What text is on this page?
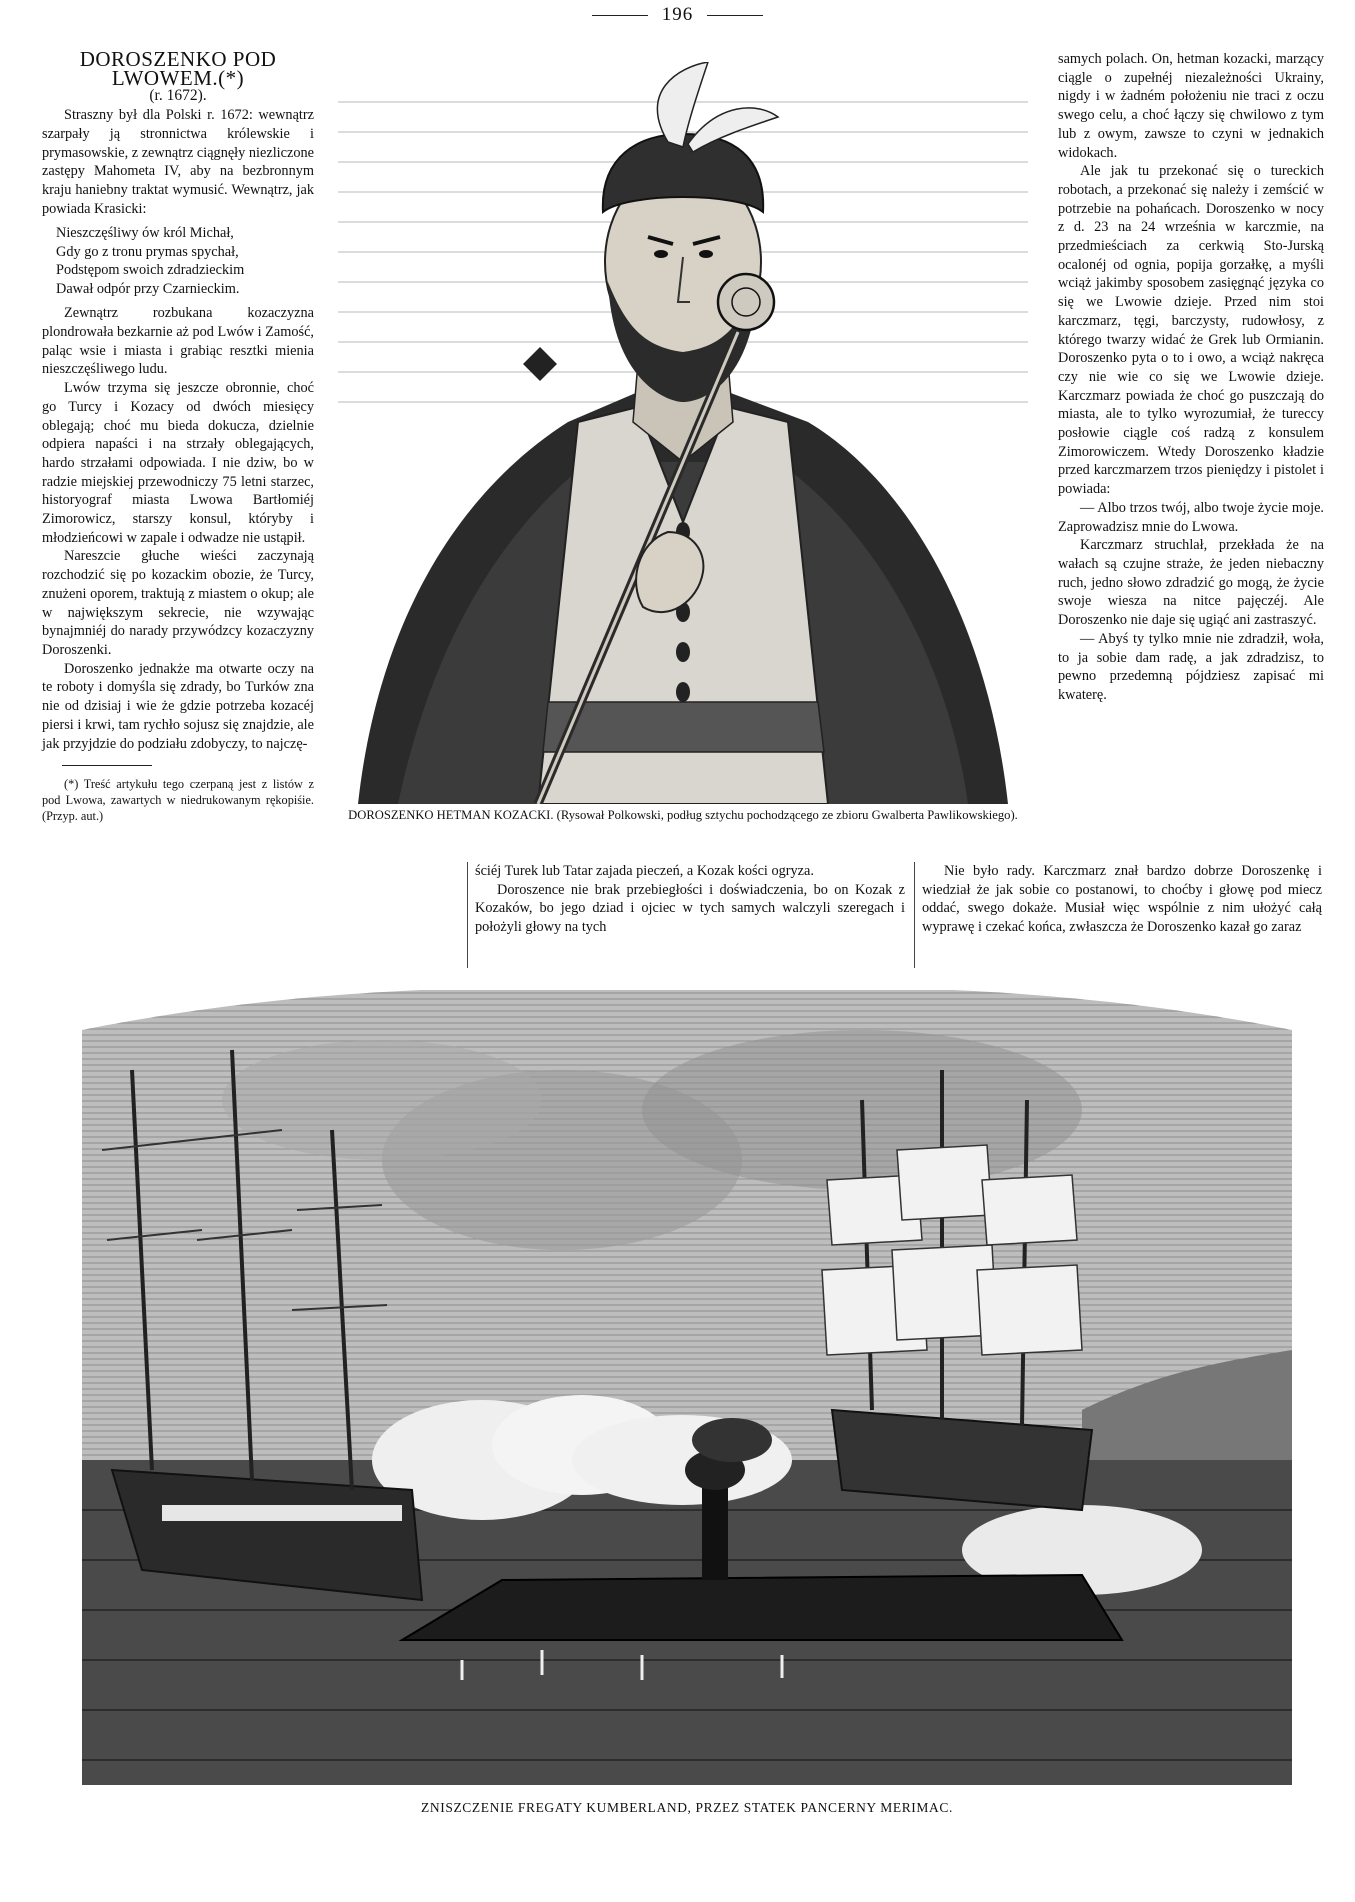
196

DOROSZENKO POD LWOWEM.(*)

(r. 1672).

Straszny był dla Polski r. 1672: wewnątrz szarpały ją stronnictwa królewskie i prymasowskie, z zewnątrz ciągnęły niezliczone zastępy Mahometa IV, aby na bezbronnym kraju haniebny traktat wymusić. Wewnątrz, jak powiada Krasicki:

Nieszczęśliwy ów król Michał,
Gdy go z tronu prymas spychał,
Podstępom swoich zdradzieckim
Dawał odpór przy Czarnieckim.

Zewnątrz rozbukana kozaczyzna plondrowała bezkarnie aż pod Lwów i Zamość, paląc wsie i miasta i grabiąc resztki mienia nieszczęśliwego ludu.

Lwów trzyma się jeszcze obronnie, choć go Turcy i Kozacy od dwóch miesięcy oblegają; choć mu bieda dokucza, dzielnie odpiera napaści i na strzały oblegających, hardo strzałami odpowiada. I nie dziw, bo w radzie miejskiej przewodniczy 75 letni starzec, historyograf miasta Lwowa Bartłomiéj Zimorowicz, starszy konsul, któryby i młodzieńcowi w zapale i odwadze nie ustąpił.

Nareszcie głuche wieści zaczynają rozchodzić się po kozackim obozie, że Turcy, znużeni oporem, traktują z miastem o okup; ale w największym sekrecie, nie wzywając bynajmniéj do narady przywódzcy kozaczyzny Doroszenki.

Doroszenko jednakże ma otwarte oczy na te roboty i domyśla się zdrady, bo Turków zna nie od dzisiaj i wie że gdzie potrzeba kozacéj piersi i krwi, tam rychło sojusz się znajdzie, ale jak przyjdzie do podziału zdobyczy, to najczę-

(*) Treść artykułu tego czerpaną jest z listów z pod Lwowa, zawartych w niedrukowanym rękopiśie. (Przyp. aut.)	DOROSZENKO HETMAN KOZACKI. (Rysował Polkowski, podług sztychu pochodzącego ze zbioru Gwalberta Pawlikowskiego).

ściéj Turek lub Tatar zajada pieczeń, a Kozak kości ogryza.

Doroszence nie brak przebiegłości i doświadczenia, bo on Kozak z Kozaków, bo jego dziad i ojciec w tych samych walczyli szeregach i położyli głowy na tych

samych polach. On, hetman kozacki, marzący ciągle o zupełnéj niezależności Ukrainy, nigdy i w żadném położeniu nie traci z oczu swego celu, a choć łączy się chwilowo z tym lub z owym, zawsze to czyni w jednakich widokach.

Ale jak tu przekonać się o tureckich robotach, a przekonać się należy i zemścić w potrzebie na pohańcach. Doroszenko w nocy z d. 23 na 24 września w karczmie, na przedmieściach za cerkwią Sto-Jurską ocalonéj od ognia, popija gorzałkę, a myśli wciąż jakimby sposobem zasięgnąć języka co się we Lwowie dzieje. Przed nim stoi karczmarz, tęgi, barczysty, rudowłosy, z którego twarzy widać że Grek lub Ormianin. Doroszenko pyta o to i owo, a wciąż nakręca czy nie wie co się we Lwowie dzieje. Karczmarz powiada że choć go puszczają do miasta, ale to tylko wyrozumiał, że tureccy posłowie ciągle coś radzą z konsulem Zimorowiczem. Wtedy Doroszenko kładzie przed karczmarzem trzos pieniędzy i pistolet i powiada:

— Albo trzos twój, albo twoje życie moje. Zaprowadzisz mnie do Lwowa.

Karczmarz struchlał, przekłada że na wałach są czujne straże, że jeden niebaczny ruch, jedno słowo zdradzić go mogą, że życie swoje wiesza na nitce pajęczéj. Ale Doroszenko nie daje się ugiąć ani zastraszyć.

— Abyś ty tylko mnie nie zdradził, woła, to ja sobie dam radę, a jak zdradzisz, to pewno przedemną pójdziesz zapisać mi kwaterę.

Nie było rady. Karczmarz znał bardzo dobrze Doroszenkę i wiedział że jak sobie co postanowi, to choćby i głowę pod miecz oddać, swego dokaże. Musiał więc wspólnie z nim ułożyć całą wyprawę i czekać końca, zwłaszcza że Doroszenko kazał go zaraz

ZNISZCZENIE FREGATY KUMBERLAND, PRZEZ STATEK PANCERNY MERIMAC.
